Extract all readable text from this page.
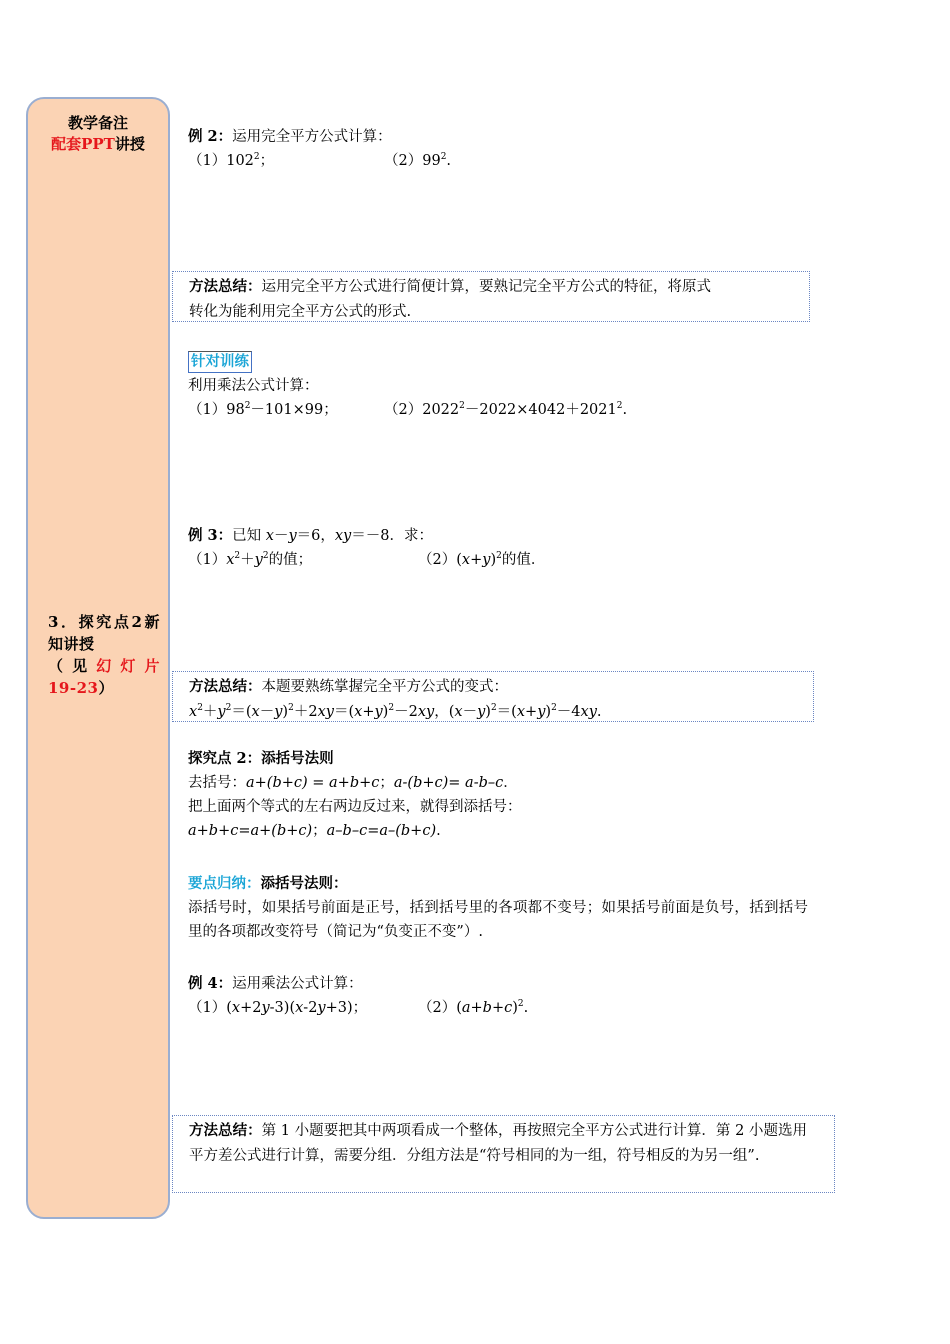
教学备注
配套PPT讲授
3．探究点2新
知讲授
（见幻灯片
19-23）
例 2：运用完全平方公式计算：
$(1)102^2$；	$(2)99^2$.
方法总结：运用完全平方公式进行简便计算，要熟记完全平方公式的特征，将原式
转化为能利用完全平方公式的形式.
针对训练
利用乘法公式计算：
$(1)98^2-101\times 99$；	$(2)2022^2-2022\times 4042+2021^2$.
例 3：已知 x－y＝6，xy＝－8．求：
$(1)x^2+y^2$的值；	$(2)(x+y)^2$的值．
方法总结：本题要熟练掌握完全平方公式的变式：
$x^2+y^2=(x-y)^2+2xy=(x+y)^2-2xy$，$(x-y)^2=(x+y)^2-4xy$.
探究点 2：添括号法则
去括号：a+(b+c) = a+b+c；a-(b+c)= a-b–c．
把上面两个等式的左右两边反过来，就得到添括号：
a+b+c=a+(b+c)；a–b–c=a–(b+c).
要点归纳：添括号法则：
添括号时，如果括号前面是正号，括到括号里的各项都不变号；如果括号前面是负号，括到括号里的各项都改变符号（简记为“负变正不变”）.
例 4：运用乘法公式计算：
（1）(x+2y-3)(x-2y+3)；	$(2)(a+b+c)^2$.
方法总结：第 1 小题要把其中两项看成一个整体，再按照完全平方公式进行计算．第 2 小题选用平方差公式进行计算，需要分组．分组方法是“符号相同的为一组，符号相反的为另一组”.
